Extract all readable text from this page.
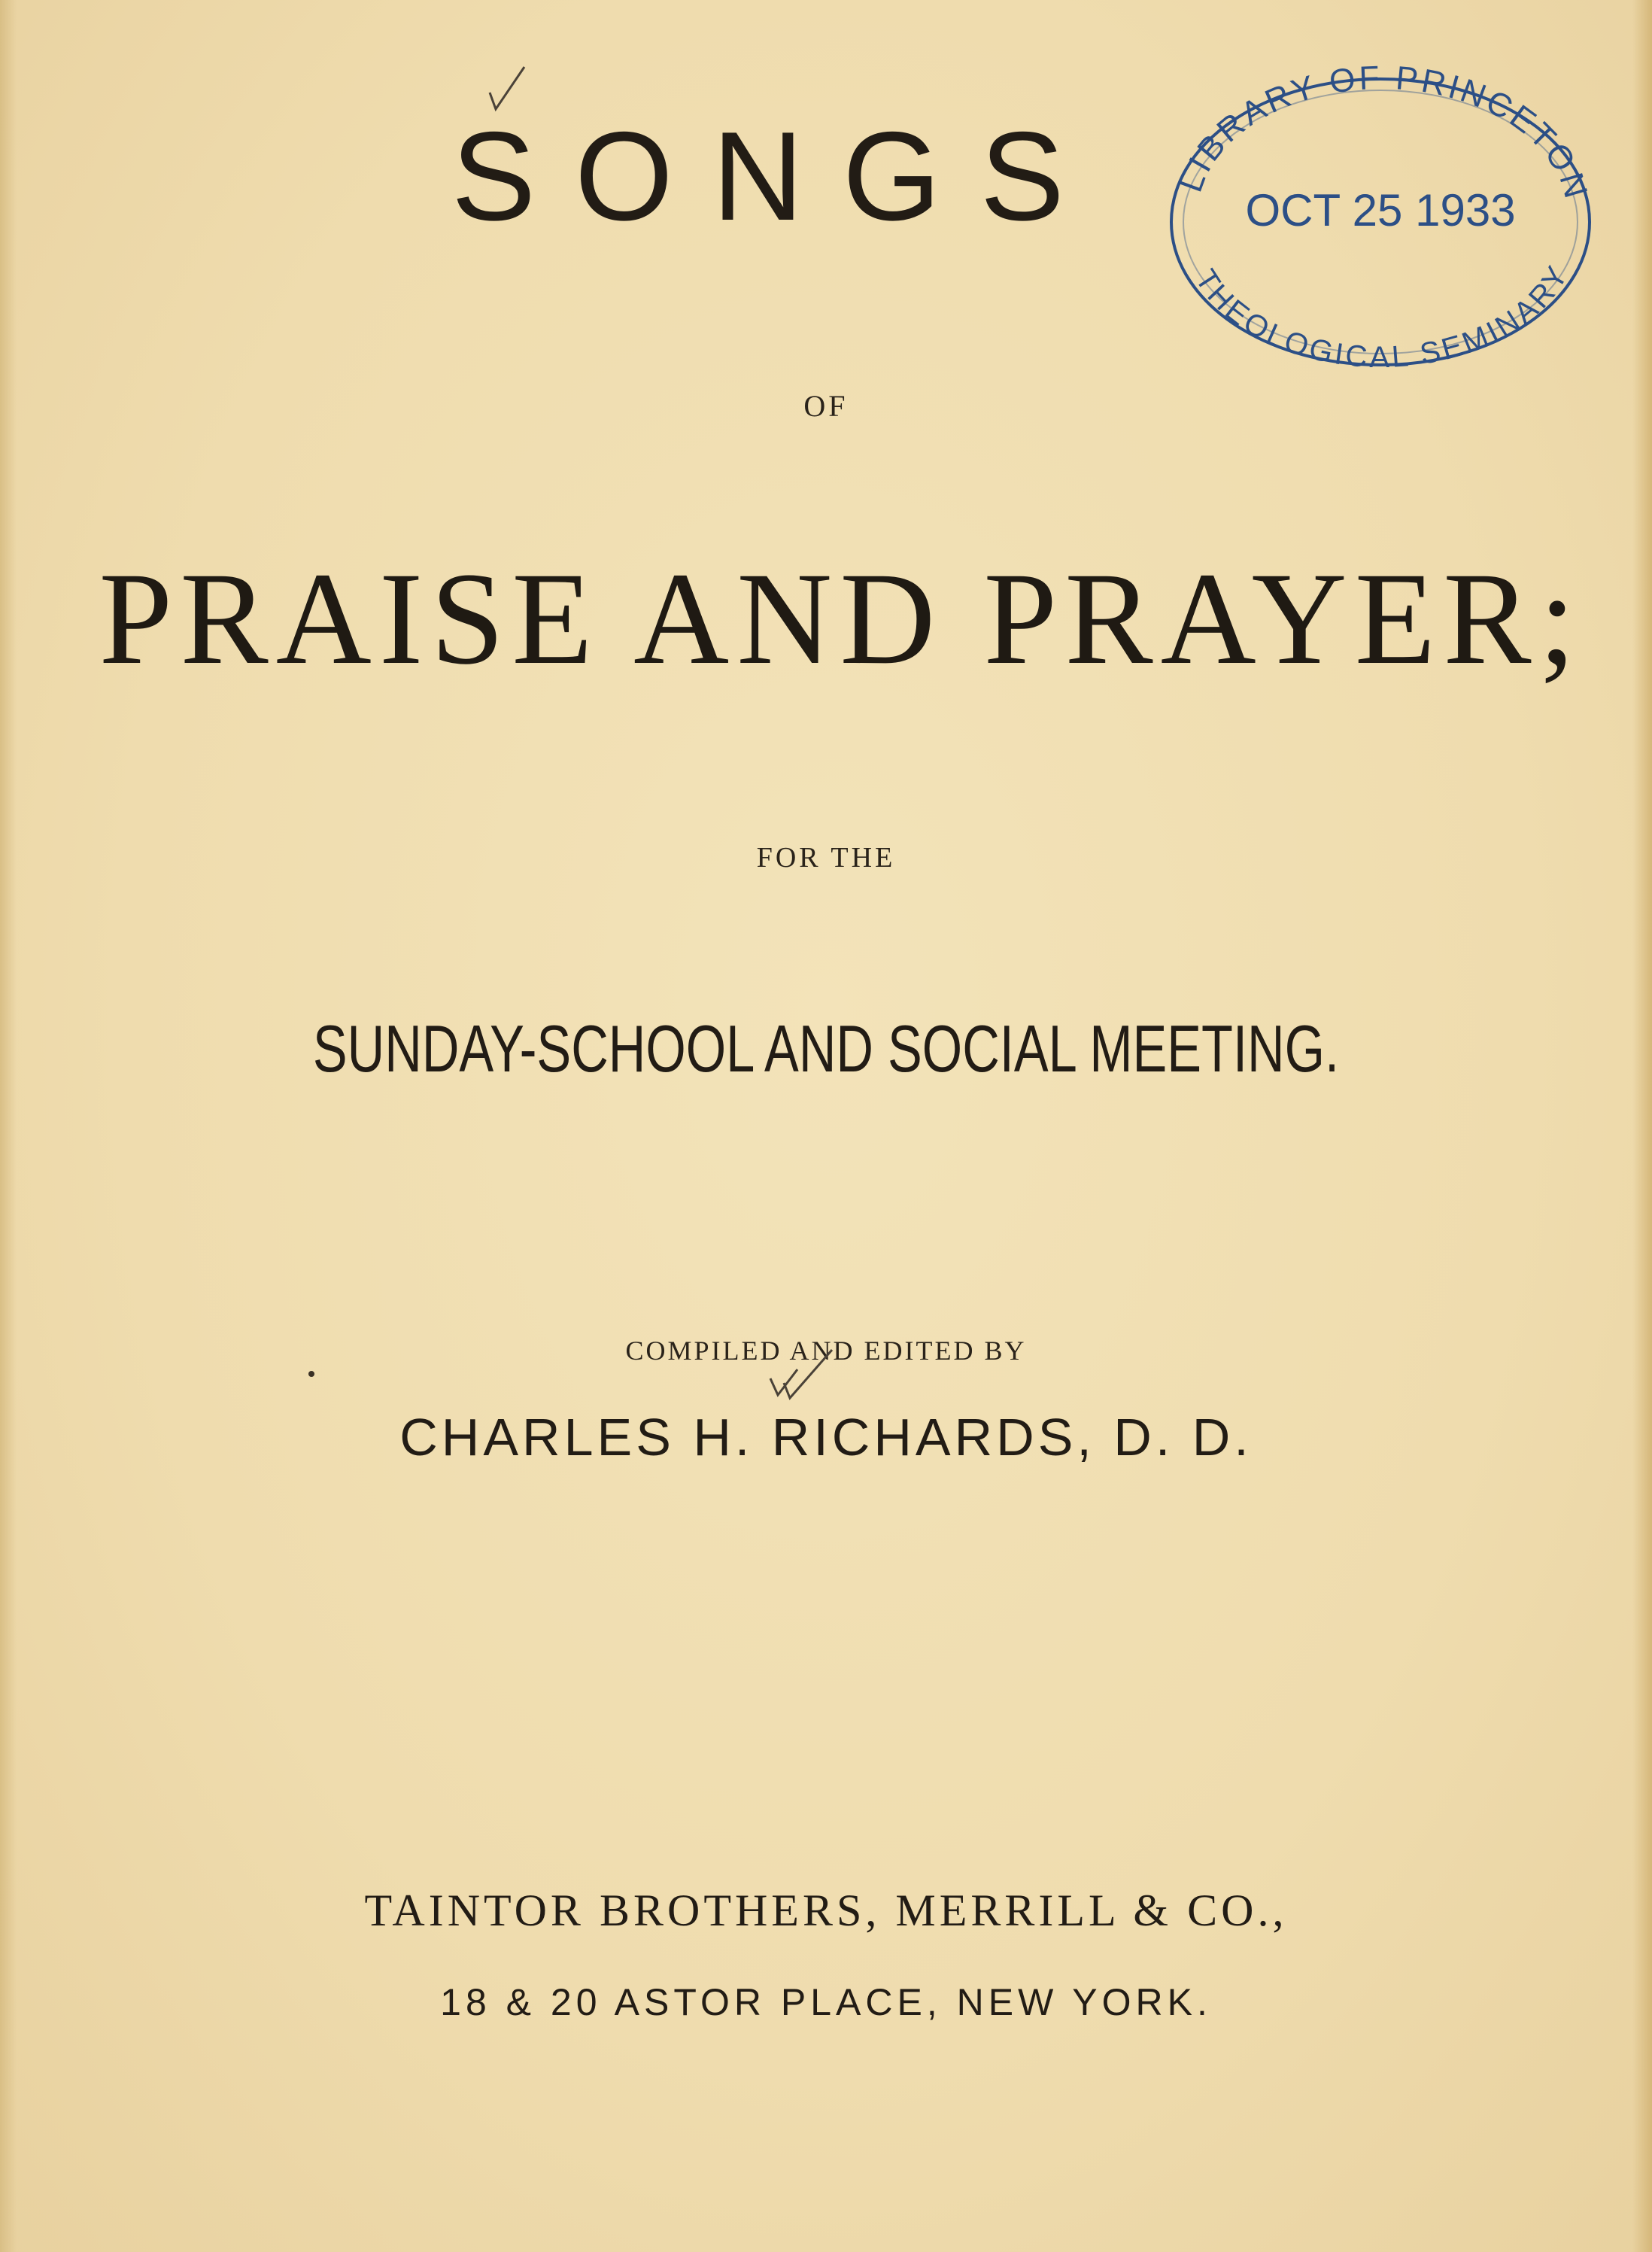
SONGS	LIBRARY OF PRINCETON
OCT 25 1933
THEOLOGICAL SEMINARY
OF
PRAISE AND PRAYER;
FOR THE
SUNDAY-SCHOOL AND SOCIAL MEETING.
COMPILED AND EDITED BY
CHARLES H. RICHARDS, D. D.
TAINTOR BROTHERS, MERRILL & CO.,
18 & 20 ASTOR PLACE, NEW YORK.
